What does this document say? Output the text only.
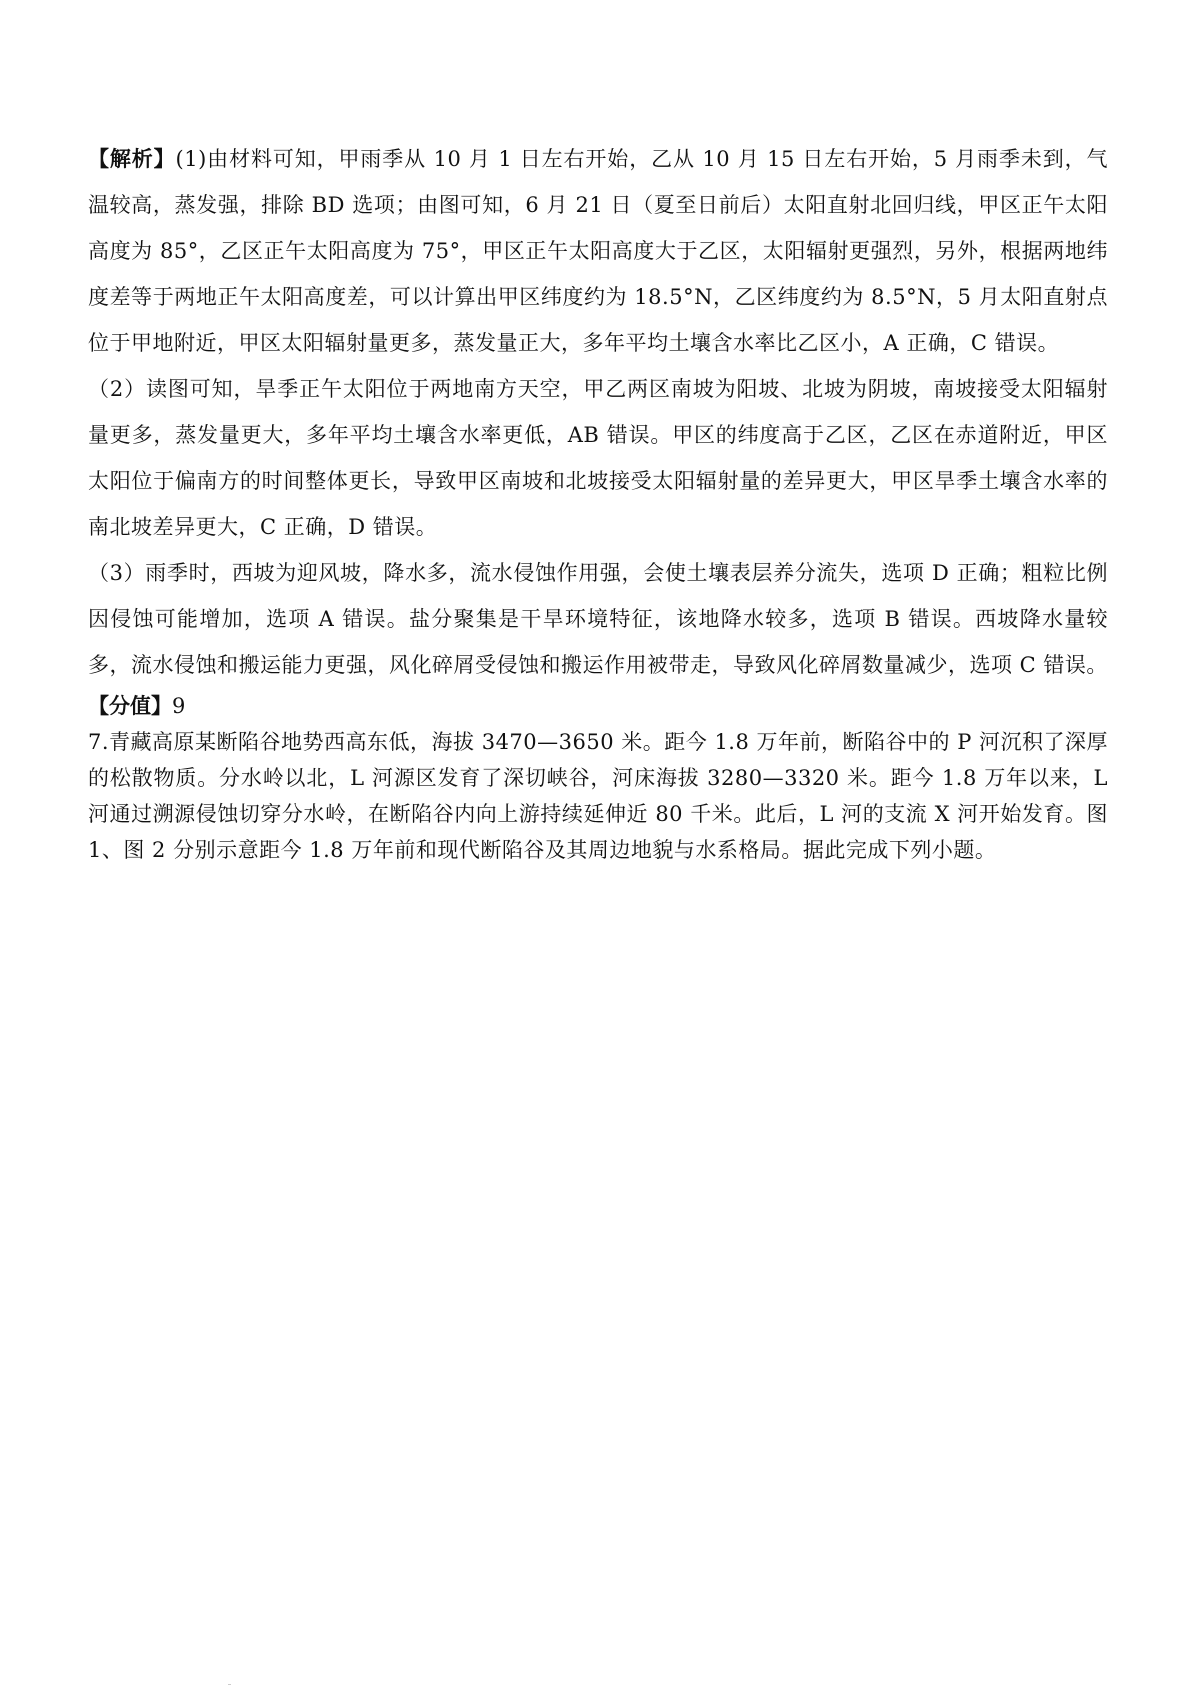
【解析】(1)由材料可知，甲雨季从 10 月 1 日左右开始，乙从 10 月 15 日左右开始，5 月雨季未到，气温较高，蒸发强，排除 BD 选项；由图可知，6 月 21 日（夏至日前后）太阳直射北回归线，甲区正午太阳高度为 85°，乙区正午太阳高度为 75°，甲区正午太阳高度大于乙区，太阳辐射更强烈，另外，根据两地纬度差等于两地正午太阳高度差，可以计算出甲区纬度约为 18.5°N，乙区纬度约为 8.5°N，5 月太阳直射点位于甲地附近，甲区太阳辐射量更多，蒸发量正大，多年平均土壤含水率比乙区小，A 正确，C 错误。

（2）读图可知，旱季正午太阳位于两地南方天空，甲乙两区南坡为阳坡、北坡为阴坡，南坡接受太阳辐射量更多，蒸发量更大，多年平均土壤含水率更低，AB 错误。甲区的纬度高于乙区，乙区在赤道附近，甲区太阳位于偏南方的时间整体更长，导致甲区南坡和北坡接受太阳辐射量的差异更大，甲区旱季土壤含水率的南北坡差异更大，C 正确，D 错误。

（3）雨季时，西坡为迎风坡，降水多，流水侵蚀作用强，会使土壤表层养分流失，选项 D 正确；粗粒比例因侵蚀可能增加，选项 A 错误。盐分聚集是干旱环境特征，该地降水较多，选项 B 错误。西坡降水量较多，流水侵蚀和搬运能力更强，风化碎屑受侵蚀和搬运作用被带走，导致风化碎屑数量减少，选项 C 错误。

【分值】9

7.青藏高原某断陷谷地势西高东低，海拔 3470—3650 米。距今 1.8 万年前，断陷谷中的 P 河沉积了深厚的松散物质。分水岭以北，L 河源区发育了深切峡谷，河床海拔 3280—3320 米。距今 1.8 万年以来，L 河通过溯源侵蚀切穿分水岭，在断陷谷内向上游持续延伸近 80 千米。此后，L 河的支流 X 河开始发育。图 1、图 2 分别示意距今 1.8 万年前和现代断陷谷及其周边地貌与水系格局。据此完成下列小题。
